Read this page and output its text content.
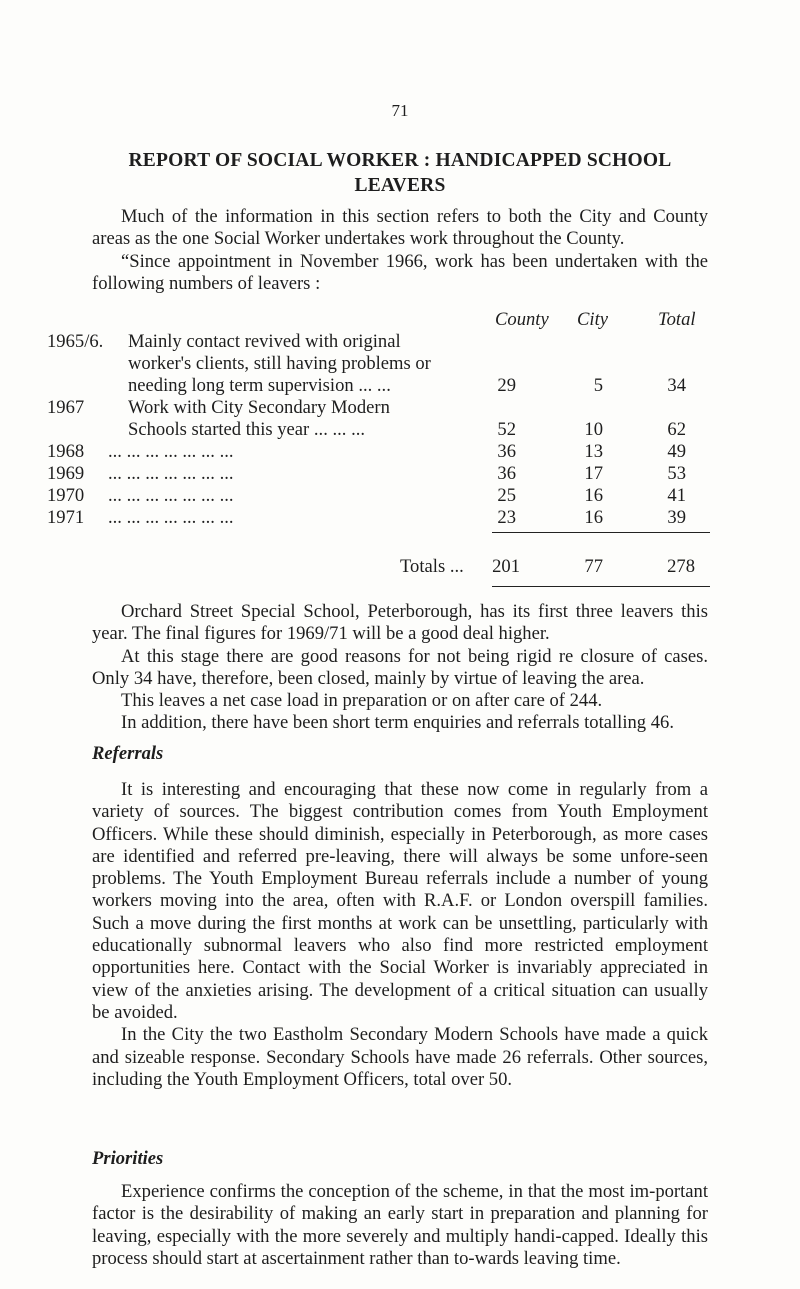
71
REPORT OF SOCIAL WORKER : HANDICAPPED SCHOOL
LEAVERS

Much of the information in this section refers to both the City and County areas as the one Social Worker undertakes work throughout the County.

“Since appointment in November 1966, work has been undertaken with the following numbers of leavers :

County City	Total
1965/6. Mainly contact revived with original
worker's clients, still having problems or
needing long term supervision ... ...	29	5	34
1967 Work with City Secondary Modern
Schools started this year ... ... ...	52	10	62
1968 ... ... ... ... ... ... ...	36	13	49
1969 ... ... ... ... ... ... ...	36	17	53
1970 ... ... ... ... ... ... ...	25	16	41
1971 ... ... ... ... ... ... ...	23	16	39
Totals ...	201	77	278

Orchard Street Special School, Peterborough, has its first three leavers this year. The final figures for 1969/71 will be a good deal higher.

At this stage there are good reasons for not being rigid re closure of cases. Only 34 have, therefore, been closed, mainly by virtue of leaving the area.

This leaves a net case load in preparation or on after care of 244.

In addition, there have been short term enquiries and referrals totalling 46.

Referrals

It is interesting and encouraging that these now come in regularly from a variety of sources. The biggest contribution comes from Youth Employment Officers. While these should diminish, especially in Peterborough, as more cases are identified and referred pre-leaving, there will always be some unfore-seen problems. The Youth Employment Bureau referrals include a number of young workers moving into the area, often with R.A.F. or London overspill families. Such a move during the first months at work can be unsettling, particularly with educationally subnormal leavers who also find more restricted employment opportunities here. Contact with the Social Worker is invariably appreciated in view of the anxieties arising. The development of a critical situation can usually be avoided.

In the City the two Eastholm Secondary Modern Schools have made a quick and sizeable response. Secondary Schools have made 26 referrals. Other sources, including the Youth Employment Officers, total over 50.

Priorities

Experience confirms the conception of the scheme, in that the most im-portant factor is the desirability of making an early start in preparation and planning for leaving, especially with the more severely and multiply handi-capped. Ideally this process should start at ascertainment rather than to-wards leaving time.
